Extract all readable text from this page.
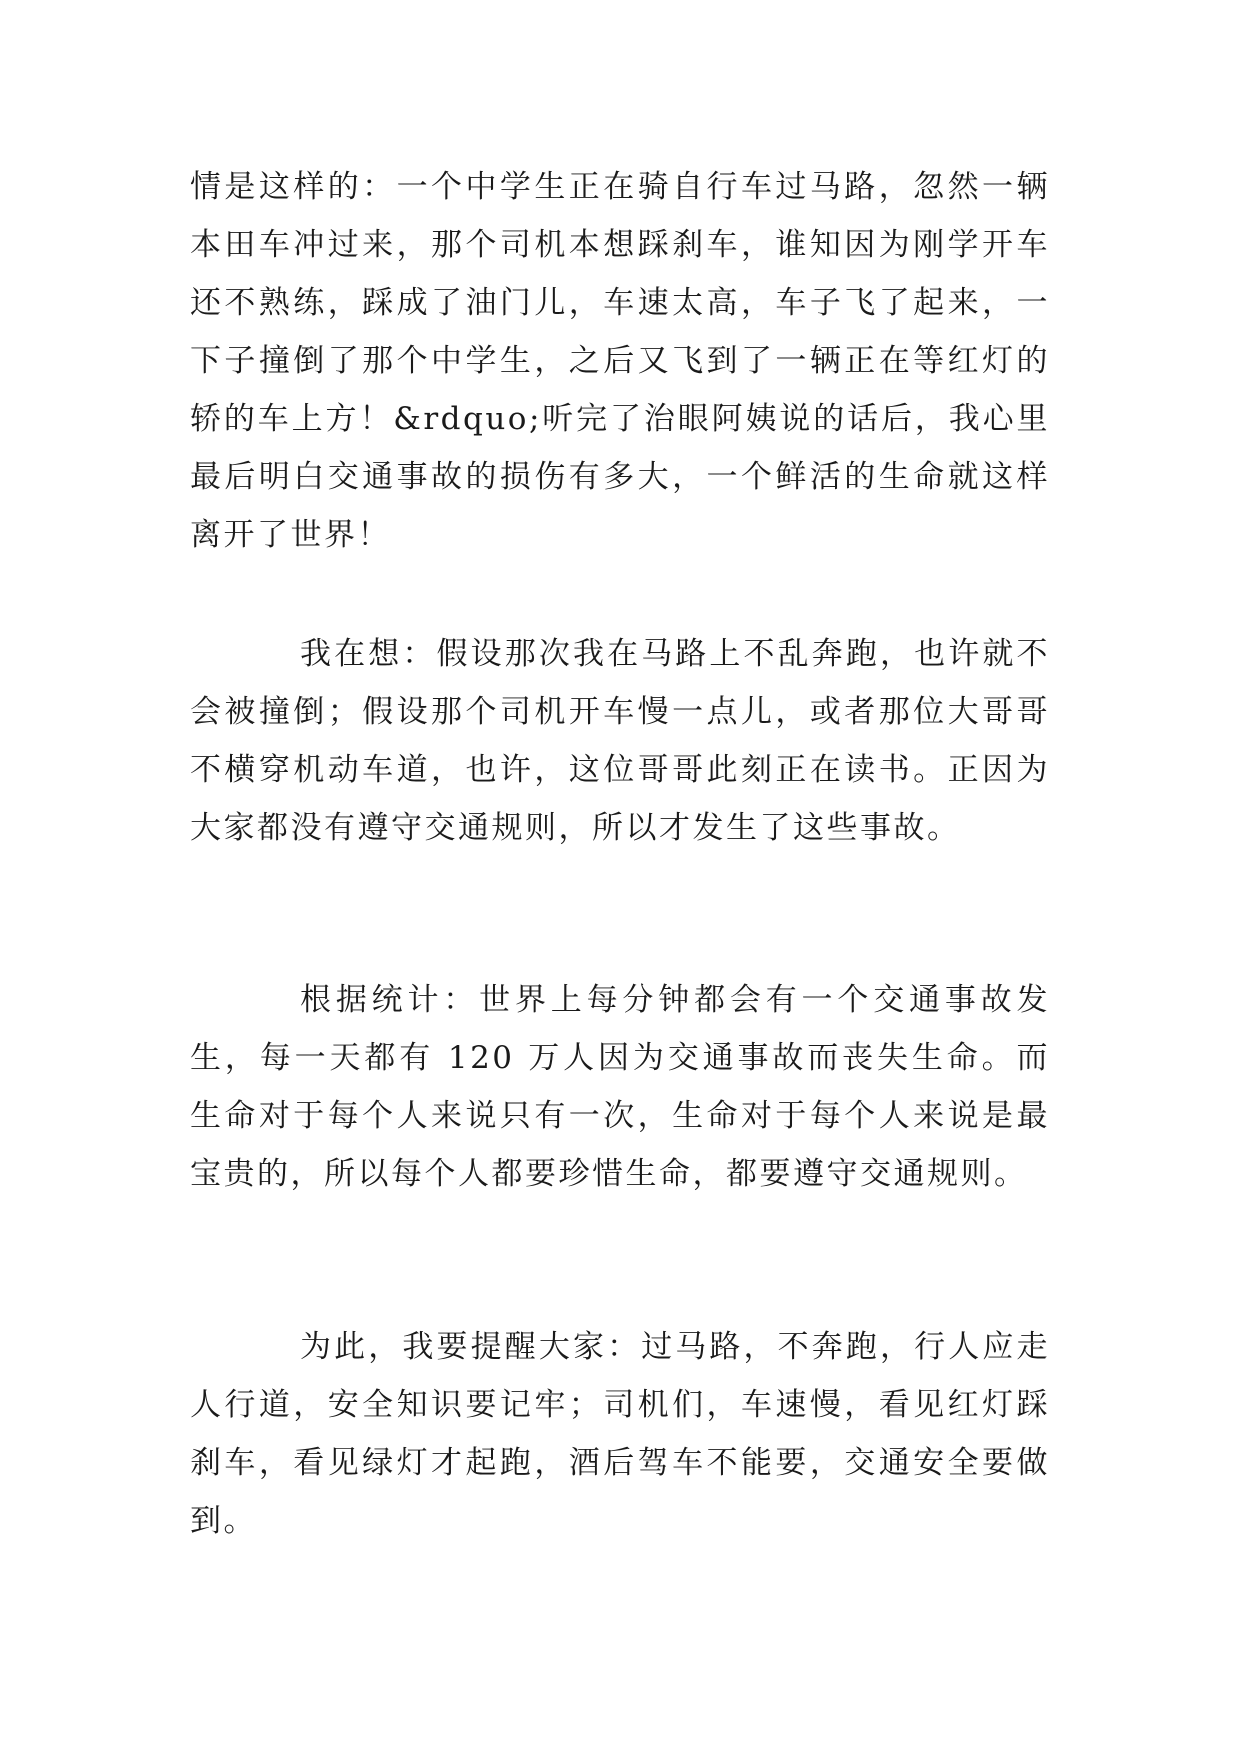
情是这样的：一个中学生正在骑自行车过马路，忽然一辆本田车冲过来，那个司机本想踩刹车，谁知因为刚学开车还不熟练，踩成了油门儿，车速太高，车子飞了起来，一下子撞倒了那个中学生，之后又飞到了一辆正在等红灯的轿的车上方！&rdquo;听完了治眼阿姨说的话后，我心里最后明白交通事故的损伤有多大，一个鲜活的生命就这样离开了世界！

我在想：假设那次我在马路上不乱奔跑，也许就不会被撞倒；假设那个司机开车慢一点儿，或者那位大哥哥不横穿机动车道，也许，这位哥哥此刻正在读书。正因为大家都没有遵守交通规则，所以才发生了这些事故。

根据统计：世界上每分钟都会有一个交通事故发生，每一天都有 120 万人因为交通事故而丧失生命。而生命对于每个人来说只有一次，生命对于每个人来说是最宝贵的，所以每个人都要珍惜生命，都要遵守交通规则。

为此，我要提醒大家：过马路，不奔跑，行人应走人行道，安全知识要记牢；司机们，车速慢，看见红灯踩刹车，看见绿灯才起跑，酒后驾车不能要，交通安全要做到。
